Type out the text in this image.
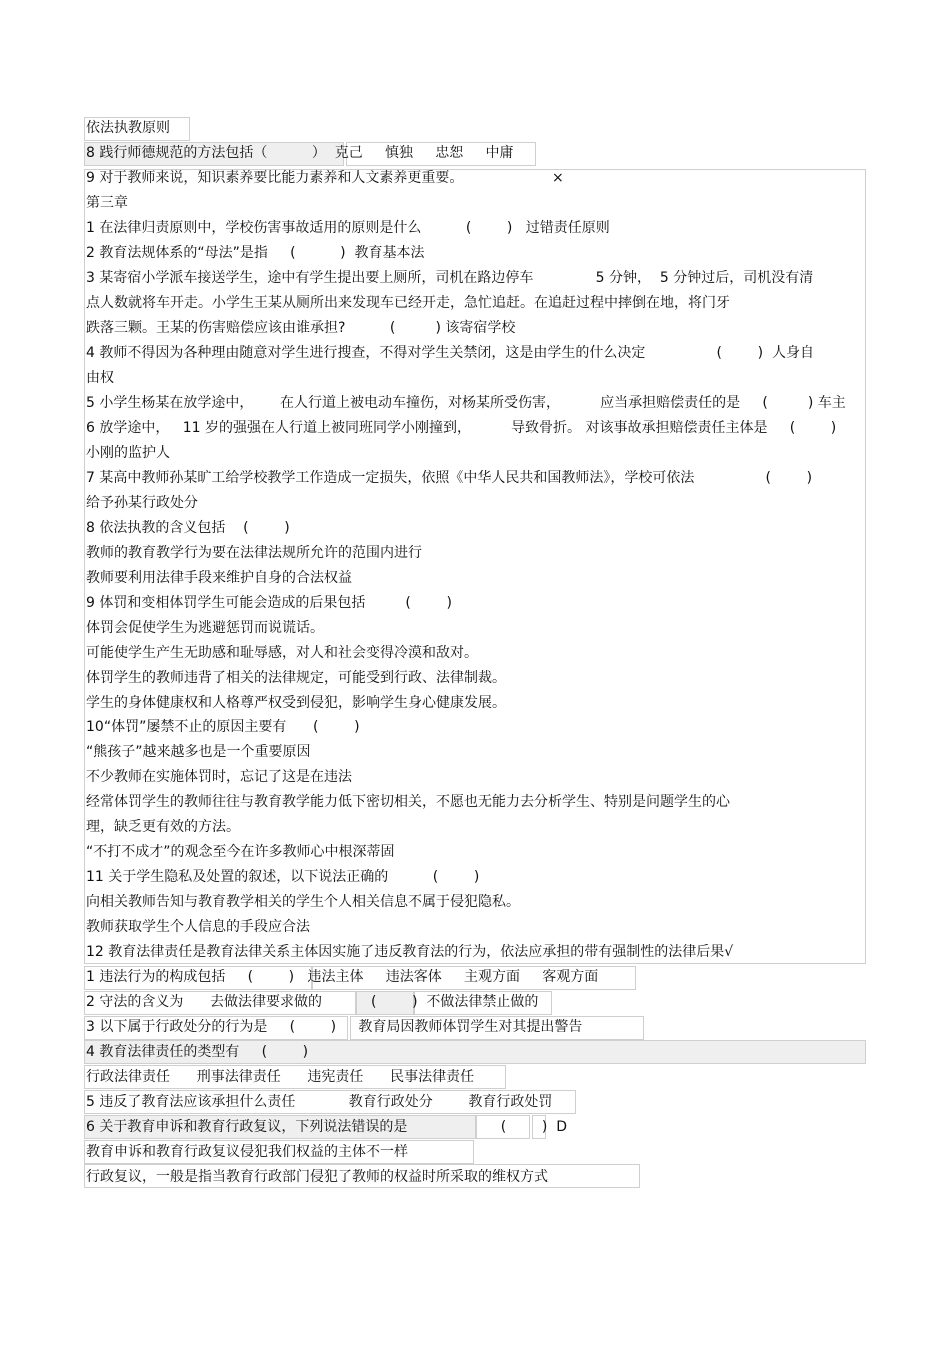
依法执教原则
8 践行师德规范的方法包括（          ）  克己     慎独     忠恕     中庸
9 对于教师来说，知识素养要比能力素养和人文素养更重要。
第三章
1 在法律归责原则中，学校伤害事故适用的原则是什么          (        )   过错责任原则
2 教育法规体系的“母法”是指     (          )  教育基本法
3 某寄宿小学派车接送学生，途中有学生提出要上厕所，司机在路边停车              5 分钟，  5 分钟过后，司机没有清
点人数就将车开走。小学生王某从厕所出来发现车已经开走，急忙追赶。在追赶过程中摔倒在地，将门牙
跌落三颗。王某的伤害赔偿应该由谁承担?          (         ) 该寄宿学校
4 教师不得因为各种理由随意对学生进行搜查，不得对学生关禁闭，这是由学生的什么决定                (        )  人身自
由权
5 小学生杨某在放学途中，      在人行道上被电动车撞伤，对杨某所受伤害，         应当承担赔偿责任的是     (         ) 车主
6 放学途中，   11 岁的强强在人行道上被同班同学小刚撞到，         导致骨折。 对该事故承担赔偿责任主体是     (        )
小刚的监护人
7 某高中教师孙某旷工给学校教学工作造成一定损失，依照《中华人民共和国教师法》，学校可依法                (        )
给予孙某行政处分
8 依法执教的含义包括    (        )
教师的教育教学行为要在法律法规所允许的范围内进行
教师要利用法律手段来维护自身的合法权益
9 体罚和变相体罚学生可能会造成的后果包括         (        )
体罚会促使学生为逃避惩罚而说谎话。
可能使学生产生无助感和耻辱感，对人和社会变得冷漠和敌对。
体罚学生的教师违背了相关的法律规定，可能受到行政、法律制裁。
学生的身体健康权和人格尊严权受到侵犯，影响学生身心健康发展。
10“体罚”屡禁不止的原因主要有      (        )
“熊孩子”越来越多也是一个重要原因
不少教师在实施体罚时，忘记了这是在违法
经常体罚学生的教师往往与教育教学能力低下密切相关，不愿也无能力去分析学生、特别是问题学生的心
理，缺乏更有效的方法。
“不打不成才”的观念至今在许多教师心中根深蒂固
11 关于学生隐私及处置的叙述，以下说法正确的          (        )
向相关教师告知与教育教学相关的学生个人相关信息不属于侵犯隐私。
教师获取学生个人信息的手段应合法
12 教育法律责任是教育法律关系主体因实施了违反教育法的行为，依法应承担的带有强制性的法律后果√
1 违法行为的构成包括     (        )   违法主体     违法客体     主观方面     客观方面
2 守法的含义为      去做法律要求做的           (        )  不做法律禁止做的
3 以下属于行政处分的行为是     (        )     教育局因教师体罚学生对其提出警告
4 教育法律责任的类型有     (        )
行政法律责任      刑事法律责任      违宪责任      民事法律责任
5 违反了教育法应该承担什么责任            教育行政处分        教育行政处罚
6 关于教育申诉和教育行政复议，下列说法错误的是                     (        )  D
教育申诉和教育行政复议侵犯我们权益的主体不一样
行政复议，一般是指当教育行政部门侵犯了教师的权益时所采取的维权方式
×
